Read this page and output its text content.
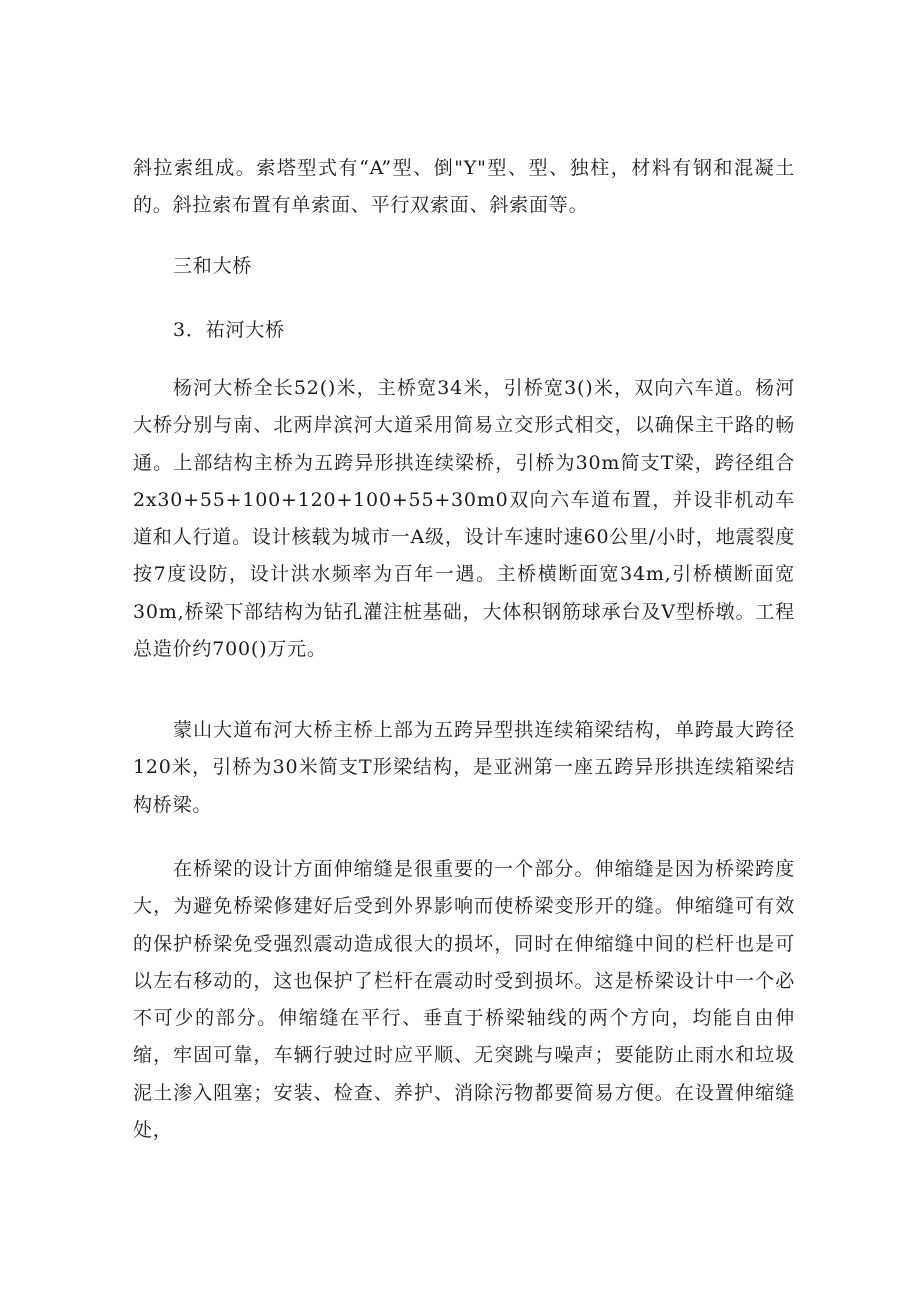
斜拉索组成。索塔型式有“A”型、倒"Y"型、型、独柱，材料有钢和混凝土的。斜拉索布置有单索面、平行双索面、斜索面等。
三和大桥
3．祐河大桥
杨河大桥全长52()米，主桥宽34米，引桥宽3()米，双向六车道。杨河大桥分别与南、北两岸滨河大道采用简易立交形式相交，以确保主干路的畅通。上部结构主桥为五跨异形拱连续梁桥，引桥为30m简支T梁，跨径组合2x30+55+100+120+100+55+30m0双向六车道布置，并设非机动车道和人行道。设计核载为城市一A级，设计车速时速60公里/小时，地震裂度按7度设防，设计洪水频率为百年一遇。主桥横断面宽34m,引桥横断面宽30m,桥梁下部结构为钻孔灌注桩基础，大体积钢筋球承台及V型桥墩。工程总造价约700()万元。
蒙山大道布河大桥主桥上部为五跨异型拱连续箱梁结构，单跨最大跨径120米，引桥为30米简支T形梁结构，是亚洲第一座五跨异形拱连续箱梁结构桥梁。
在桥梁的设计方面伸缩缝是很重要的一个部分。伸缩缝是因为桥梁跨度大，为避免桥梁修建好后受到外界影响而使桥梁变形开的缝。伸缩缝可有效的保护桥梁免受强烈震动造成很大的损坏，同时在伸缩缝中间的栏杆也是可以左右移动的，这也保护了栏杆在震动时受到损坏。这是桥梁设计中一个必不可少的部分。伸缩缝在平行、垂直于桥梁轴线的两个方向，均能自由伸缩，牢固可靠，车辆行驶过时应平顺、无突跳与噪声；要能防止雨水和垃圾泥土渗入阻塞；安装、检查、养护、消除污物都要简易方便。在设置伸缩缝处，
